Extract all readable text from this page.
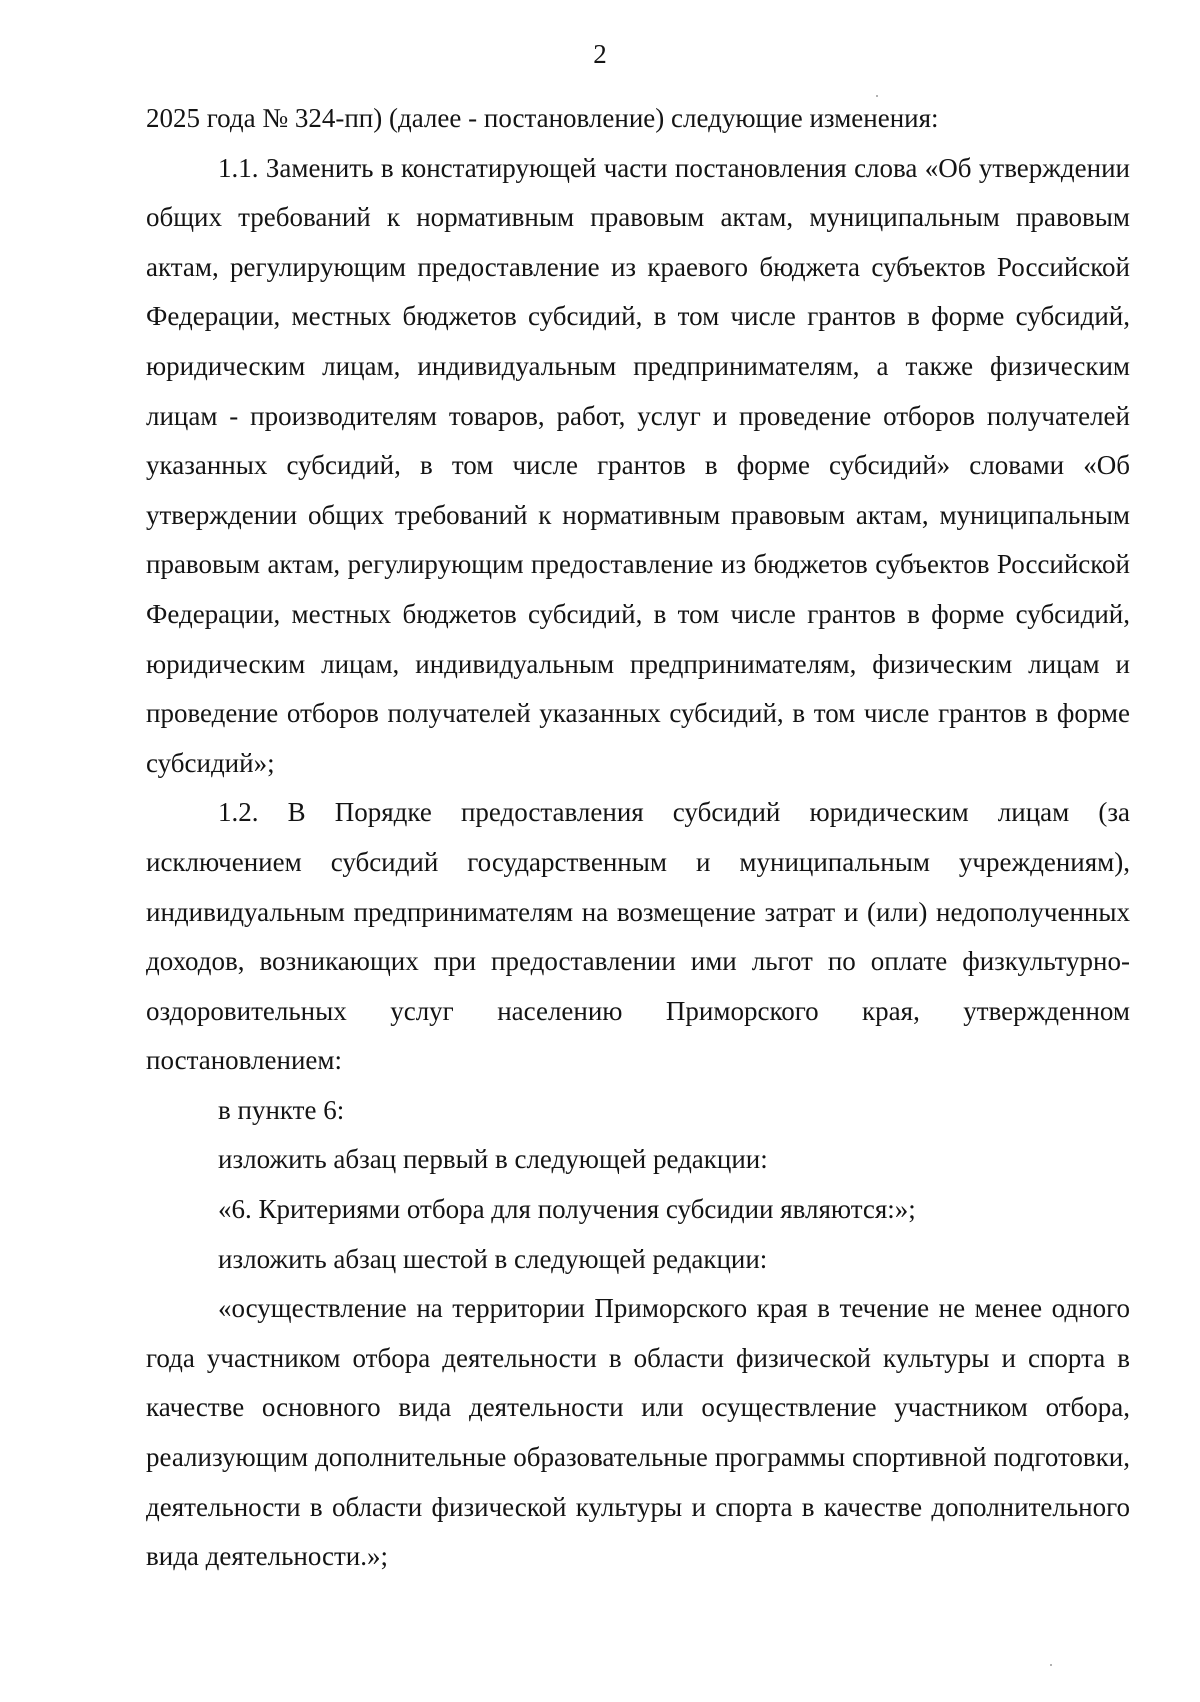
2

2025 года № 324-пп) (далее - постановление) следующие изменения:

1.1. Заменить в констатирующей части постановления слова «Об утверждении общих требований к нормативным правовым актам, муниципальным правовым актам, регулирующим предоставление из краевого бюджета субъектов Российской Федерации, местных бюджетов субсидий, в том числе грантов в форме субсидий, юридическим лицам, индивидуальным предпринимателям, а также физическим лицам - производителям товаров, работ, услуг и проведение отборов получателей указанных субсидий, в том числе грантов в форме субсидий» словами «Об утверждении общих требований к нормативным правовым актам, муниципальным правовым актам, регулирующим предоставление из бюджетов субъектов Российской Федерации, местных бюджетов субсидий, в том числе грантов в форме субсидий, юридическим лицам, индивидуальным предпринимателям, физическим лицам и проведение отборов получателей указанных субсидий, в том числе грантов в форме субсидий»;

1.2. В Порядке предоставления субсидий юридическим лицам (за исключением субсидий государственным и муниципальным учреждениям), индивидуальным предпринимателям на возмещение затрат и (или) недополученных доходов, возникающих при предоставлении ими льгот по оплате физкультурно-оздоровительных услуг населению Приморского края, утвержденном постановлением:

в пункте 6:

изложить абзац первый в следующей редакции:

«6. Критериями отбора для получения субсидии являются:»;

изложить абзац шестой в следующей редакции:

«осуществление на территории Приморского края в течение не менее одного года участником отбора деятельности в области физической культуры и спорта в качестве основного вида деятельности или осуществление участником отбора, реализующим дополнительные образовательные программы спортивной подготовки, деятельности в области физической культуры и спорта в качестве дополнительного вида деятельности.»;
